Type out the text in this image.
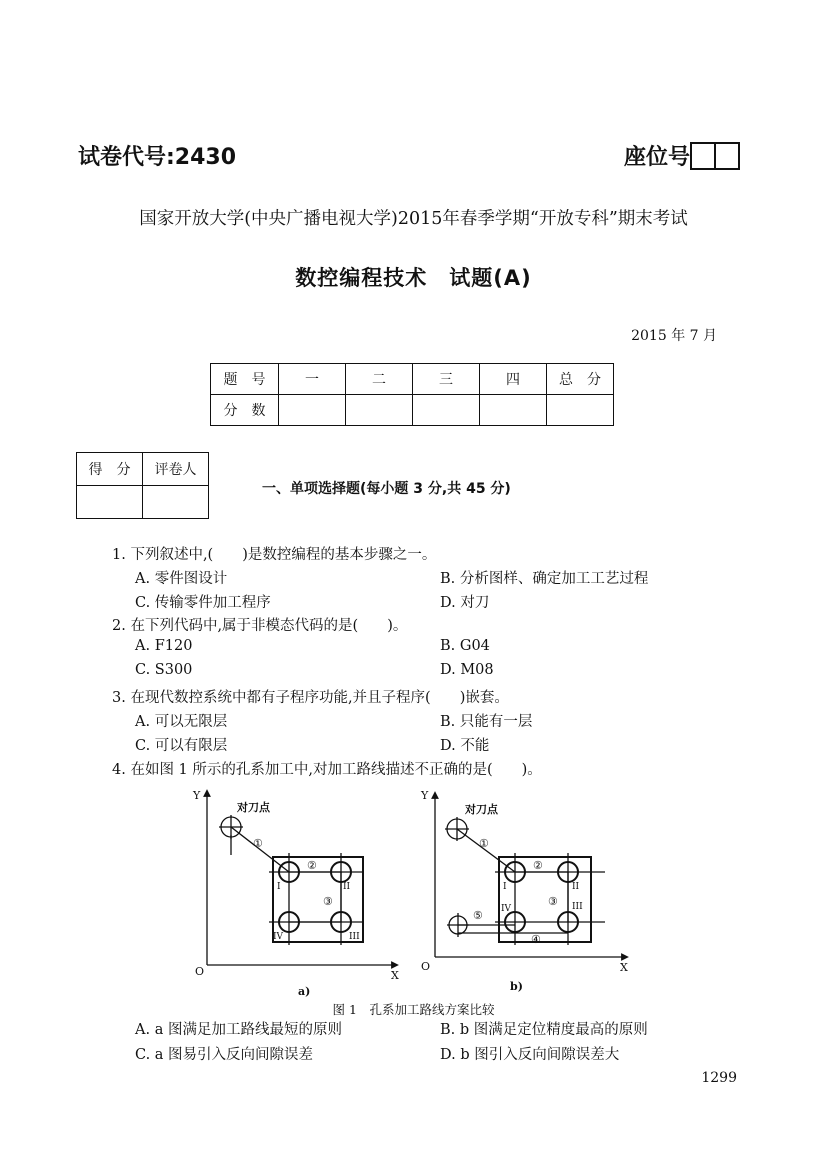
试卷代号:2430	座位号
国家开放大学(中央广播电视大学)2015年春季学期“开放专科”期末考试
数控编程技术　试题(A)
2015 年 7 月
题　号	一	二	三	四	总　分
分　数					
得　分	评卷人

一、单项选择题(每小题 3 分,共 45 分)
1. 下列叙述中,(　　)是数控编程的基本步骤之一。
A. 零件图设计	B. 分析图样、确定加工工艺过程
C. 传输零件加工程序	D. 对刀
2. 在下列代码中,属于非模态代码的是(　　)。
A. F120	B. G04
C. S300	D. M08
3. 在现代数控系统中都有子程序功能,并且子程序(　　)嵌套。
A. 可以无限层	B. 只能有一层
C. 可以有限层	D. 不能
4. 在如图 1 所示的孔系加工中,对加工路线描述不正确的是(　　)。
Y
X
O
对刀点
①
②
③
I	II
III
IV
a)
Y
X
O
对刀点
①
②
③
④
⑤
I	II
III
IV
b)
图 1　孔系加工路线方案比较
A. a 图满足加工路线最短的原则	B. b 图满足定位精度最高的原则
C. a 图易引入反向间隙误差	D. b 图引入反向间隙误差大
1299
